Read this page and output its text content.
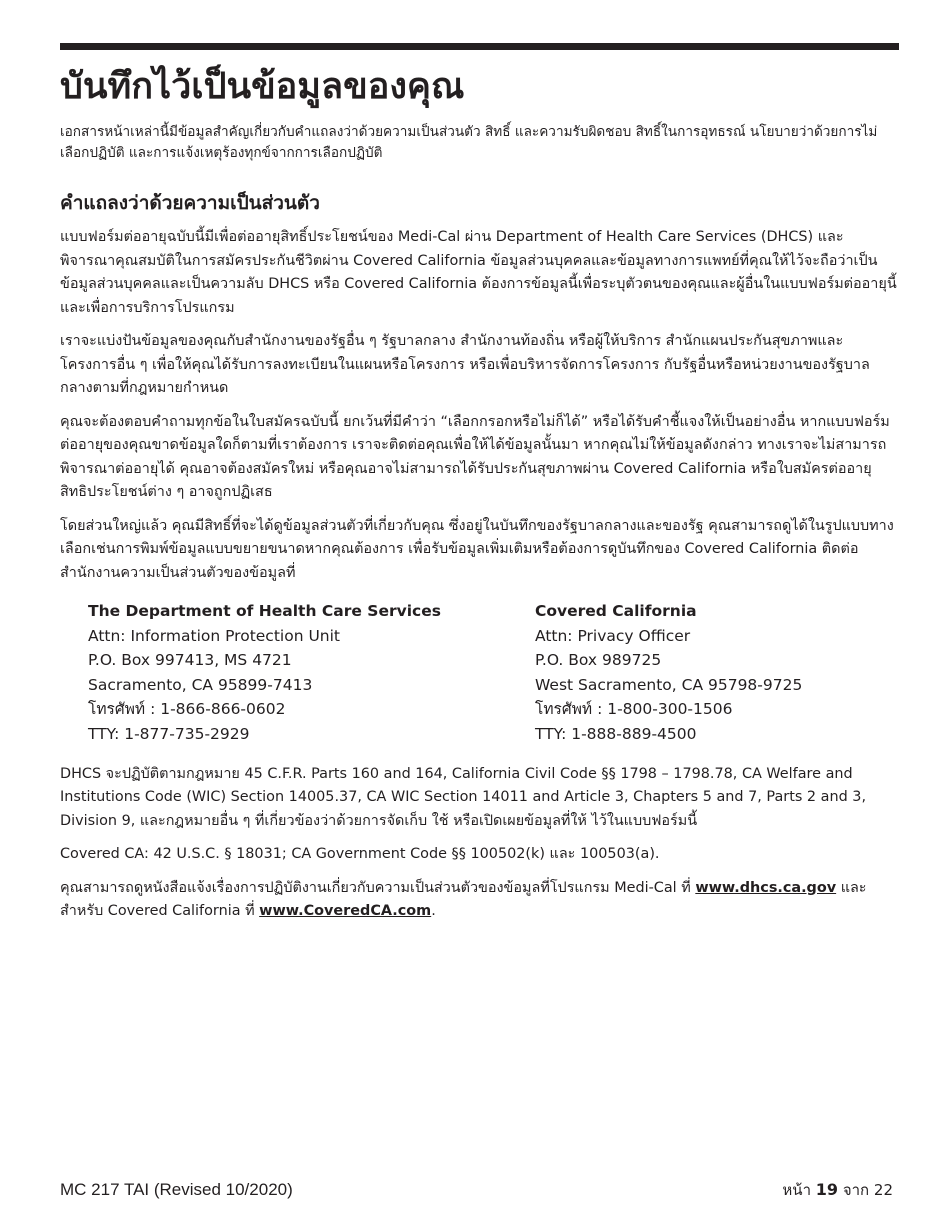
บันทึกไว้เป็นข้อมูลของคุณ

เอกสารหน้าเหล่านี้มีข้อมูลสำคัญเกี่ยวกับคำแถลงว่าด้วยความเป็นส่วนตัว สิทธิ์ และความรับผิดชอบ สิทธิ์ในการอุทธรณ์ นโยบายว่าด้วยการไม่เลือกปฏิบัติ และการแจ้งเหตุร้องทุกข์จากการเลือกปฏิบัติ

คำแถลงว่าด้วยความเป็นส่วนตัว

แบบฟอร์มต่ออายุฉบับนี้มีเพื่อต่ออายุสิทธิ์ประโยชน์ของ Medi-Cal ผ่าน Department of Health Care Services (DHCS) และพิจารณาคุณสมบัติในการสมัครประกันชีวิตผ่าน Covered California ข้อมูลส่วนบุคคลและข้อมูลทางการแพทย์ที่คุณให้ไว้จะถือว่าเป็นข้อมูลส่วนบุคคลและเป็นความลับ DHCS หรือ Covered California ต้องการข้อมูลนี้เพื่อระบุตัวตนของคุณและผู้อื่นในแบบฟอร์มต่ออายุนี้และเพื่อการบริการโปรแกรม

เราจะแบ่งปันข้อมูลของคุณกับสำนักงานของรัฐอื่น ๆ รัฐบาลกลาง สำนักงานท้องถิ่น หรือผู้ให้บริการ สำนักแผนประกันสุขภาพและโครงการอื่น ๆ เพื่อให้คุณได้รับการลงทะเบียนในแผนหรือโครงการ หรือเพื่อบริหารจัดการโครงการ กับรัฐอื่นหรือหน่วยงานของรัฐบาลกลางตามที่กฎหมายกำหนด

คุณจะต้องตอบคำถามทุกข้อในใบสมัครฉบับนี้ ยกเว้นที่มีคำว่า “เลือกกรอกหรือไม่ก็ได้” หรือได้รับคำชี้แจงให้เป็นอย่างอื่น หากแบบฟอร์มต่ออายุของคุณขาดข้อมูลใดก็ตามที่เราต้องการ เราจะติดต่อคุณเพื่อให้ได้ข้อมูลนั้นมา หากคุณไม่ให้ข้อมูลดังกล่าว ทางเราจะไม่สามารถพิจารณาต่ออายุได้ คุณอาจต้องสมัครใหม่ หรือคุณอาจไม่สามารถได้รับประกันสุขภาพผ่าน Covered California หรือใบสมัครต่ออายุสิทธิประโยชน์ต่าง ๆ อาจถูกปฏิเสธ

โดยส่วนใหญ่แล้ว คุณมีสิทธิ์ที่จะได้ดูข้อมูลส่วนตัวที่เกี่ยวกับคุณ ซึ่งอยู่ในบันทึกของรัฐบาลกลางและของรัฐ คุณสามารถดูได้ในรูปแบบทางเลือกเช่นการพิมพ์ข้อมูลแบบขยายขนาดหากคุณต้องการ เพื่อรับข้อมูลเพิ่มเติมหรือต้องการดูบันทึกของ Covered California ติดต่อสำนักงานความเป็นส่วนตัวของข้อมูลที่

The Department of Health Care Services
Attn: Information Protection Unit
P.O. Box 997413, MS 4721
Sacramento, CA 95899-7413
โทรศัพท์ : 1-866-866-0602
TTY: 1-877-735-2929
Covered California
Attn: Privacy Officer
P.O. Box 989725
West Sacramento, CA 95798-9725
โทรศัพท์ : 1-800-300-1506
TTY: 1-888-889-4500

DHCS จะปฏิบัติตามกฎหมาย 45 C.F.R. Parts 160 and 164, California Civil Code §§ 1798 – 1798.78, CA Welfare and Institutions Code (WIC) Section 14005.37, CA WIC Section 14011 and Article 3, Chapters 5 and 7, Parts 2 and 3, Division 9, และกฎหมายอื่น ๆ ที่เกี่ยวข้องว่าด้วยการจัดเก็บ ใช้ หรือเปิดเผยข้อมูลที่ให้ ไว้ในแบบฟอร์มนี้

Covered CA: 42 U.S.C. § 18031; CA Government Code §§ 100502(k) และ 100503(a).

คุณสามารถดูหนังสือแจ้งเรื่องการปฏิบัติงานเกี่ยวกับความเป็นส่วนตัวของข้อมูลที่โปรแกรม Medi-Cal ที่ www.dhcs.ca.gov และสำหรับ Covered California ที่ www.CoveredCA.com.

MC 217 TAI (Revised 10/2020)	หน้า 19 จาก 22
